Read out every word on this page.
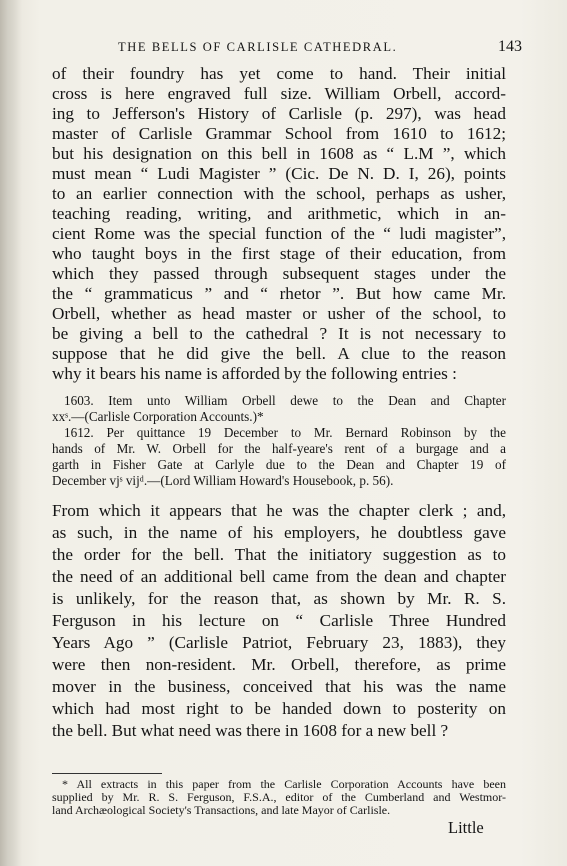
THE BELLS OF CARLISLE CATHEDRAL.	143
of their foundry has yet come to hand. Their initial
cross is here engraved full size. William Orbell, accord-
ing to Jefferson's History of Carlisle (p. 297), was head
master of Carlisle Grammar School from 1610 to 1612;
but his designation on this bell in 1608 as “ L.M ”, which
must mean “ Ludi Magister ” (Cic. De N. D. I, 26), points
to an earlier connection with the school, perhaps as usher,
teaching reading, writing, and arithmetic, which in an-
cient Rome was the special function of the “ ludi magister”,
who taught boys in the first stage of their education, from
which they passed through subsequent stages under the
the “ grammaticus ” and “ rhetor ”. But how came Mr.
Orbell, whether as head master or usher of the school, to
be giving a bell to the cathedral ? It is not necessary to
suppose that he did give the bell. A clue to the reason
why it bears his name is afforded by the following entries :
1603. Item unto William Orbell dewe to the Dean and Chapter
xxˢ.—(Carlisle Corporation Accounts.)*
1612. Per quittance 19 December to Mr. Bernard Robinson by the
hands of Mr. W. Orbell for the half-yeare's rent of a burgage and a
garth in Fisher Gate at Carlyle due to the Dean and Chapter 19 of
December vjˢ vijᵈ.—(Lord William Howard's Housebook, p. 56).
From which it appears that he was the chapter clerk ; and,
as such, in the name of his employers, he doubtless gave
the order for the bell. That the initiatory suggestion as to
the need of an additional bell came from the dean and chapter
is unlikely, for the reason that, as shown by Mr. R. S.
Ferguson in his lecture on “ Carlisle Three Hundred
Years Ago ” (Carlisle Patriot, February 23, 1883), they
were then non-resident. Mr. Orbell, therefore, as prime
mover in the business, conceived that his was the name
which had most right to be handed down to posterity on
the bell. But what need was there in 1608 for a new bell ?
* All extracts in this paper from the Carlisle Corporation Accounts have been
supplied by Mr. R. S. Ferguson, F.S.A., editor of the Cumberland and Westmor-
land Archæological Society's Transactions, and late Mayor of Carlisle.
Little
